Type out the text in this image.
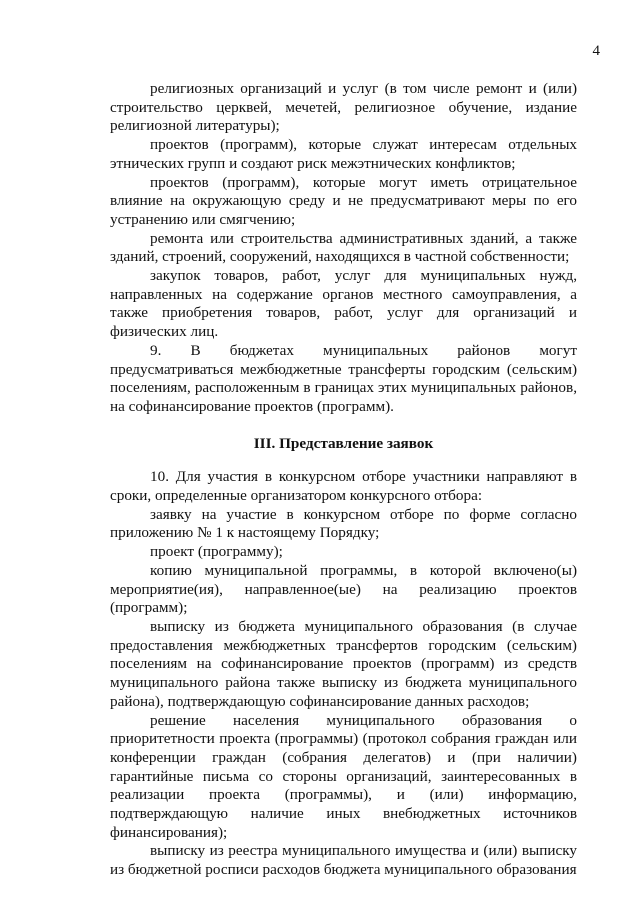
4

религиозных организаций и услуг (в том числе ремонт и (или) строительство церквей, мечетей, религиозное обучение, издание религиозной литературы);

проектов (программ), которые служат интересам отдельных этнических групп и создают риск межэтнических конфликтов;

проектов (программ), которые могут иметь отрицательное влияние на окружающую среду и не предусматривают меры по его устранению или смягчению;

ремонта или строительства административных зданий, а также зданий, строений, сооружений, находящихся в частной собственности;

закупок товаров, работ, услуг для муниципальных нужд, направленных на содержание органов местного самоуправления, а также приобретения товаров, работ, услуг для организаций и физических лиц.

9. В бюджетах муниципальных районов могут предусматриваться межбюджетные трансферты городским (сельским) поселениям, расположенным в границах этих муниципальных районов, на софинансирование проектов (программ).

III. Представление заявок

10. Для участия в конкурсном отборе участники направляют в сроки, определенные организатором конкурсного отбора:

заявку на участие в конкурсном отборе по форме согласно приложению № 1 к настоящему Порядку;

проект (программу);

копию муниципальной программы, в которой включено(ы) мероприятие(ия), направленное(ые) на реализацию проектов (программ);

выписку из бюджета муниципального образования (в случае предоставления межбюджетных трансфертов городским (сельским) поселениям на софинансирование проектов (программ) из средств муниципального района также выписку из бюджета муниципального района), подтверждающую софинансирование данных расходов;

решение населения муниципального образования о приоритетности проекта (программы) (протокол собрания граждан или конференции граждан (собрания делегатов) и (при наличии) гарантийные письма со стороны организаций, заинтересованных в реализации проекта (программы), и (или) информацию, подтверждающую наличие иных внебюджетных источников финансирования);

выписку из реестра муниципального имущества и (или) выписку из бюджетной росписи расходов бюджета муниципального образования
